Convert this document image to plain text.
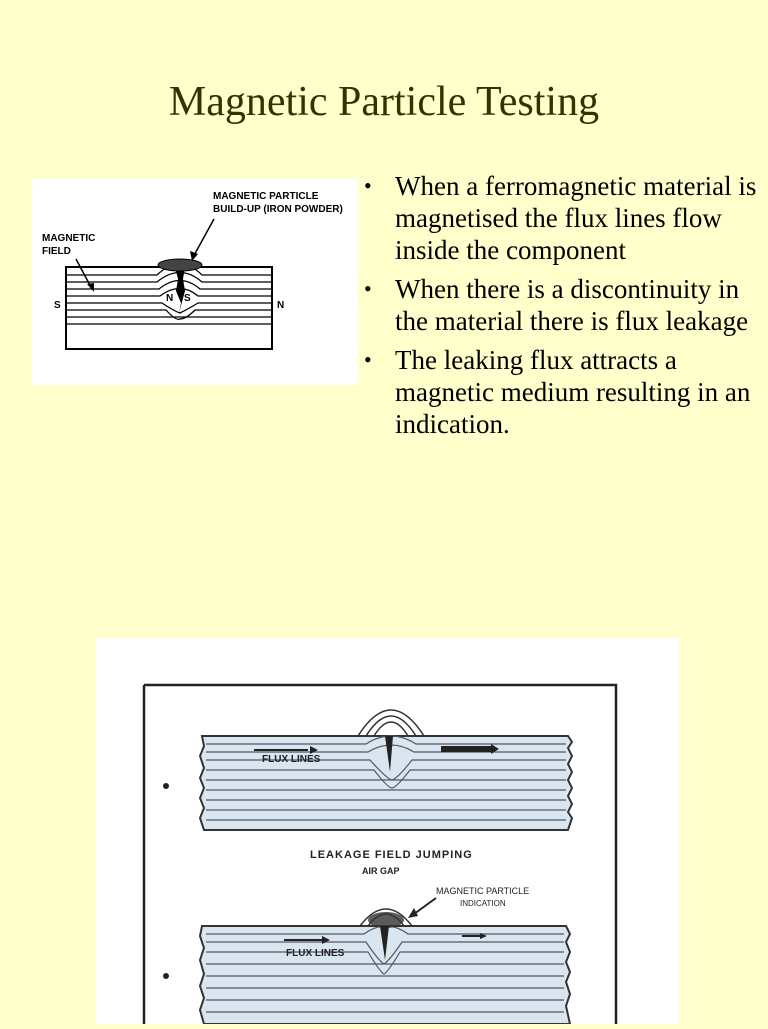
Magnetic Particle Testing
MAGNETIC PARTICLE
BUILD-UP (IRON POWDER)
MAGNETIC
FIELD
S	N
N S
• When a ferromagnetic material is magnetised the flux lines flow inside the component
• When there is a discontinuity in the material there is flux leakage
• The leaking flux attracts a magnetic medium resulting in an indication.
FLUX LINES
LEAKAGE FIELD JUMPING
AIR GAP
MAGNETIC PARTICLE
INDICATION
FLUX LINES
